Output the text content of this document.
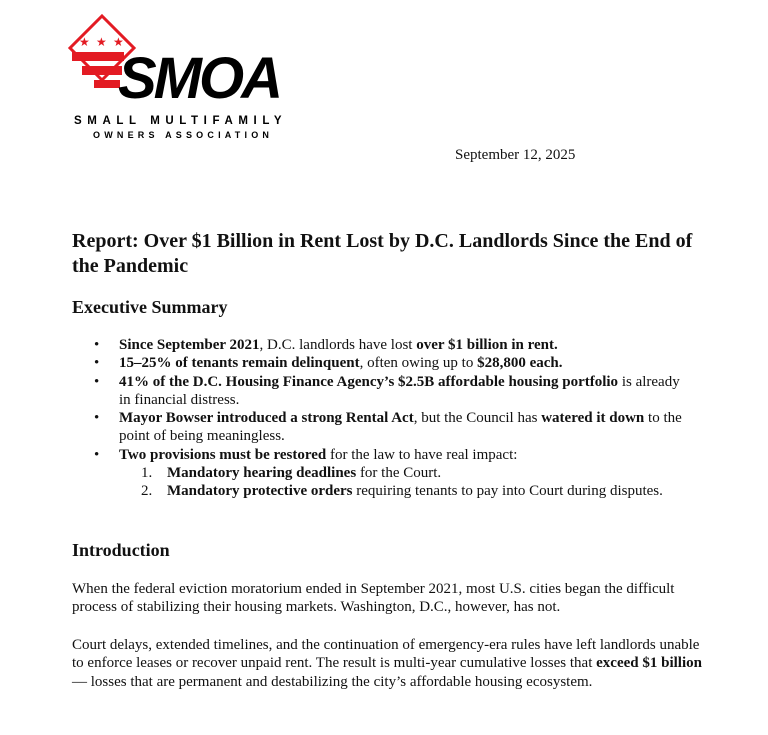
★ ★ ★
SMOA
SMALL MULTIFAMILY
OWNERS ASSOCIATION
September 12, 2025
Report: Over $1 Billion in Rent Lost by D.C. Landlords Since the End of the Pandemic
Executive Summary
• Since September 2021, D.C. landlords have lost over $1 billion in rent.
• 15–25% of tenants remain delinquent, often owing up to $28,800 each.
• 41% of the D.C. Housing Finance Agency’s $2.5B affordable housing portfolio is already in financial distress.
• Mayor Bowser introduced a strong Rental Act, but the Council has watered it down to the point of being meaningless.
• Two provisions must be restored for the law to have real impact:
1. Mandatory hearing deadlines for the Court.
2. Mandatory protective orders requiring tenants to pay into Court during disputes.
Introduction

When the federal eviction moratorium ended in September 2021, most U.S. cities began the difficult process of stabilizing their housing markets. Washington, D.C., however, has not.

Court delays, extended timelines, and the continuation of emergency-era rules have left landlords unable to enforce leases or recover unpaid rent. The result is multi-year cumulative losses that exceed $1 billion — losses that are permanent and destabilizing the city’s affordable housing ecosystem.
